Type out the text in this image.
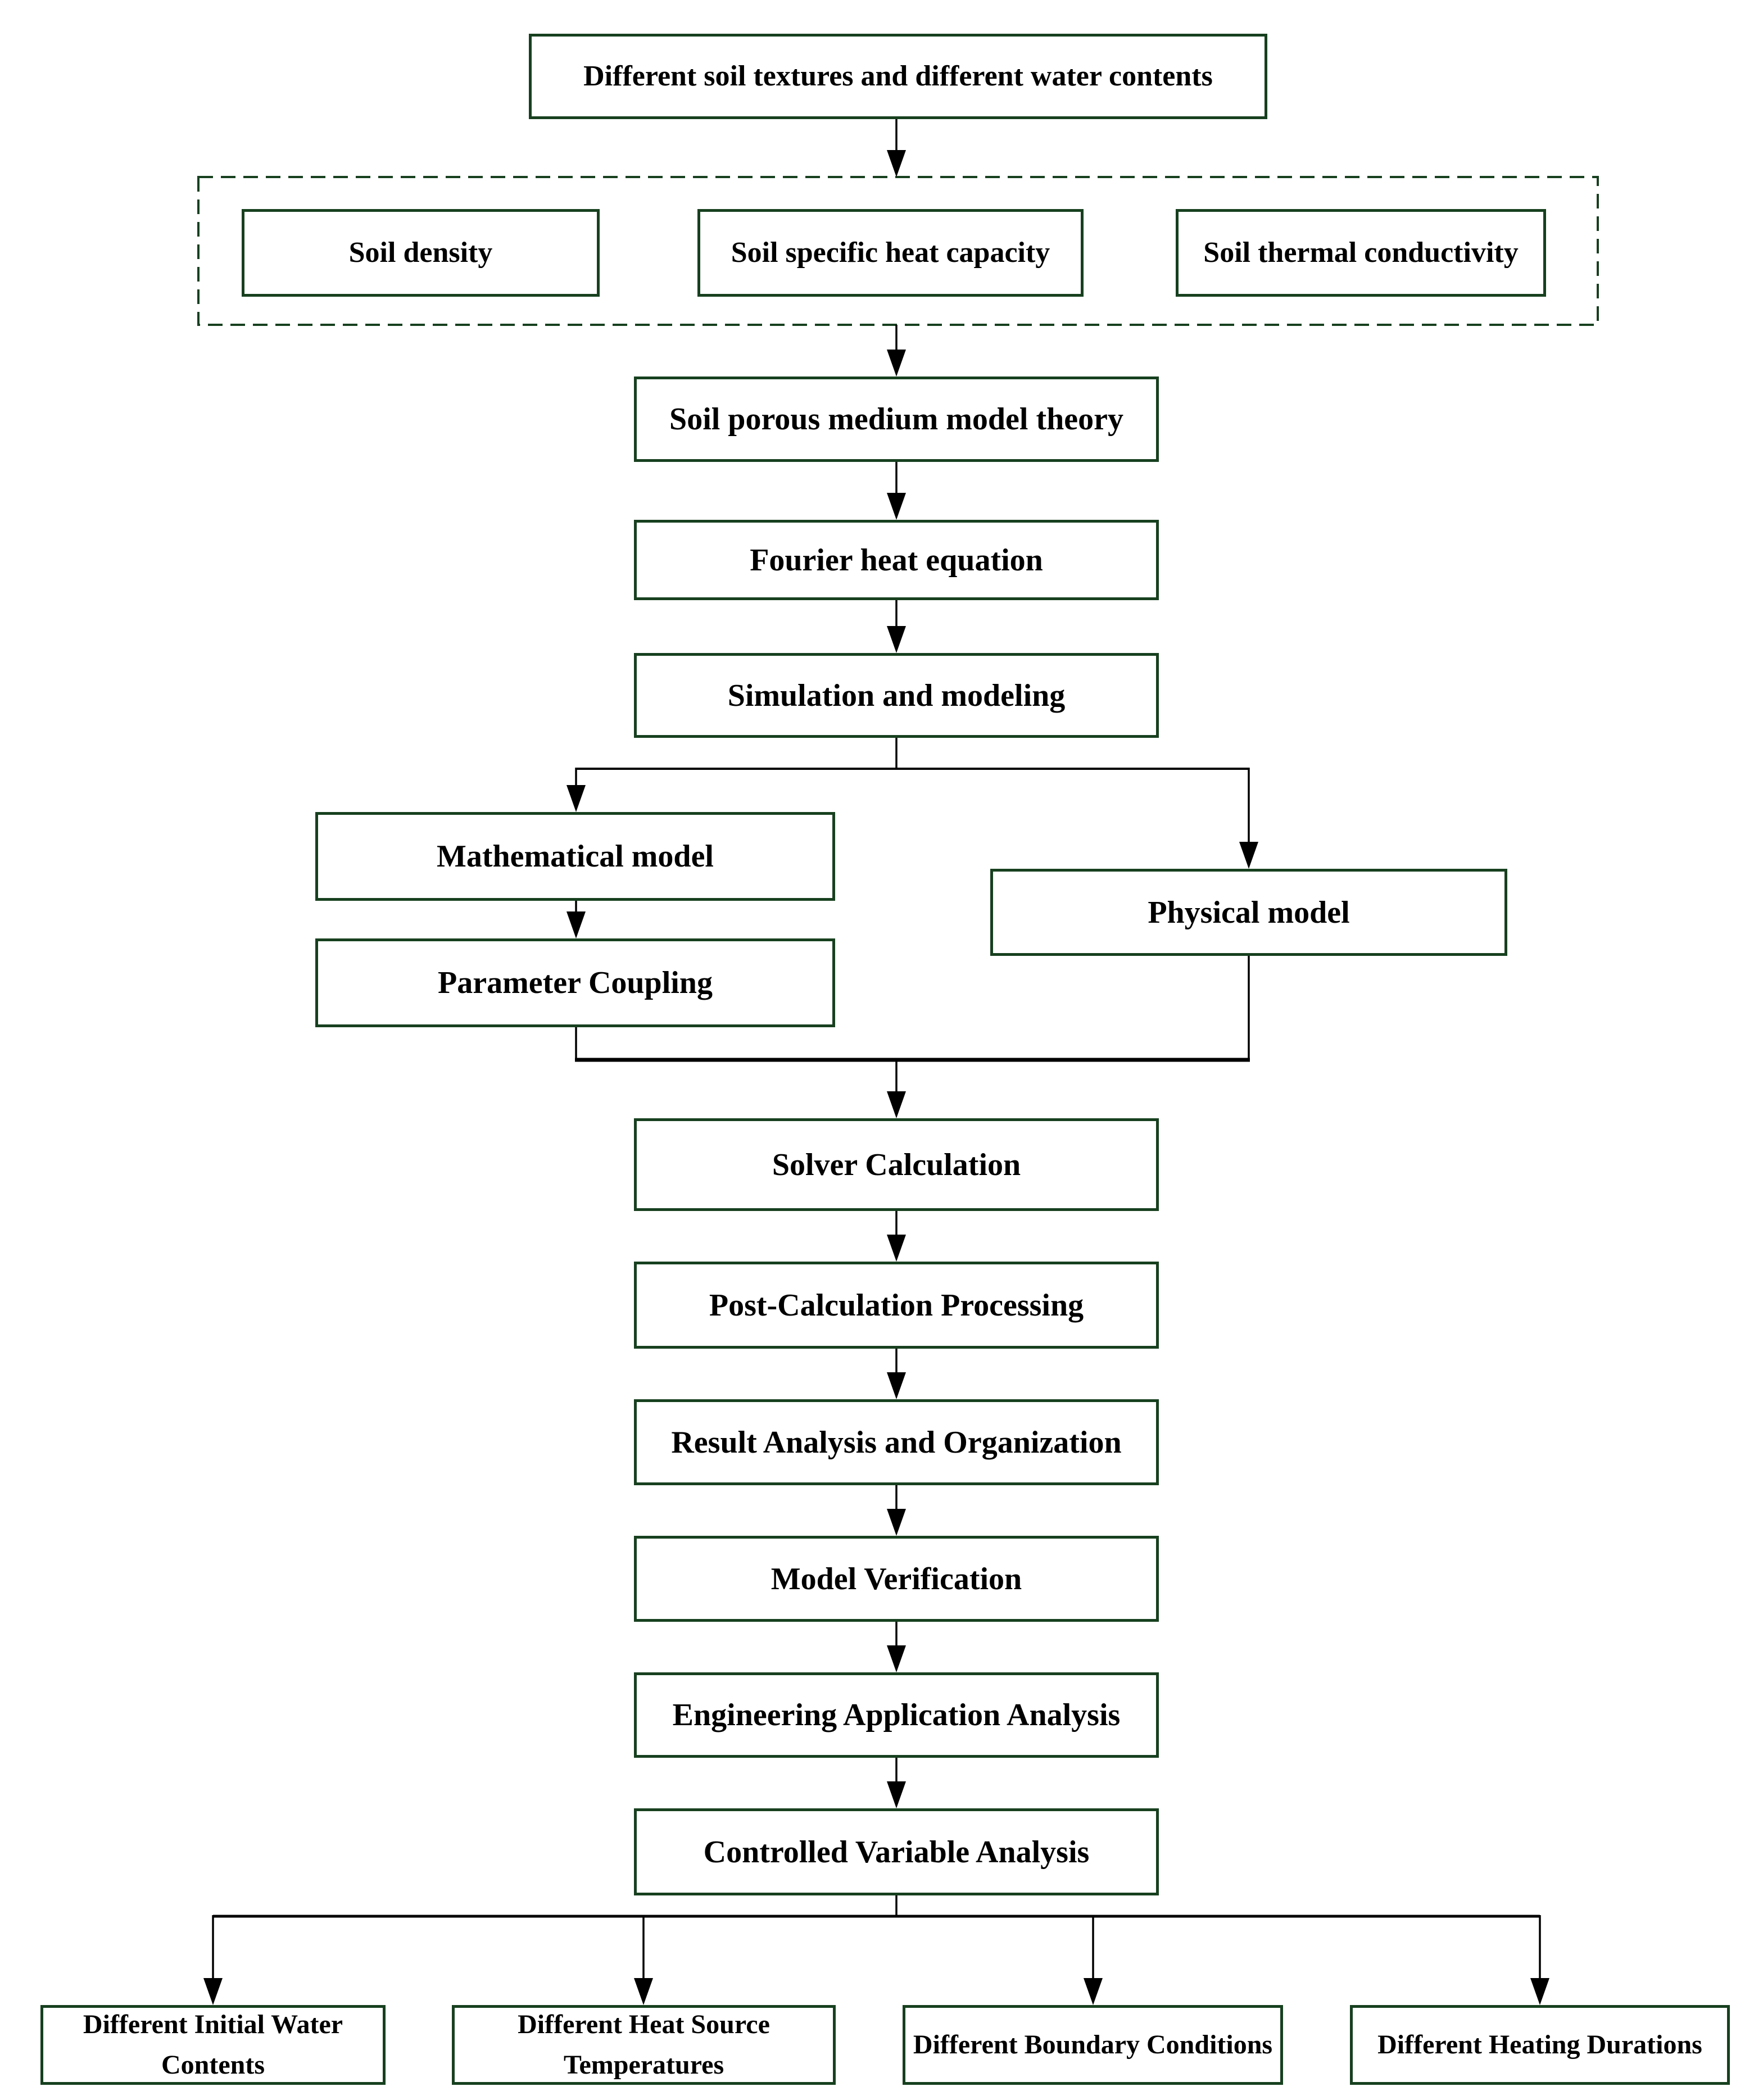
Different soil textures and different water contents
Soil density	Soil specific heat capacity	Soil thermal conductivity
Soil porous medium model theory
Fourier heat equation
Simulation and modeling
Mathematical model
Physical model
Parameter Coupling
Solver Calculation
Post-Calculation Processing
Result Analysis and Organization
Model Verification
Engineering Application Analysis
Controlled Variable Analysis
Different Initial Water Contents
Different Heat Source Temperatures
Different Boundary Conditions	Different Heating Durations
